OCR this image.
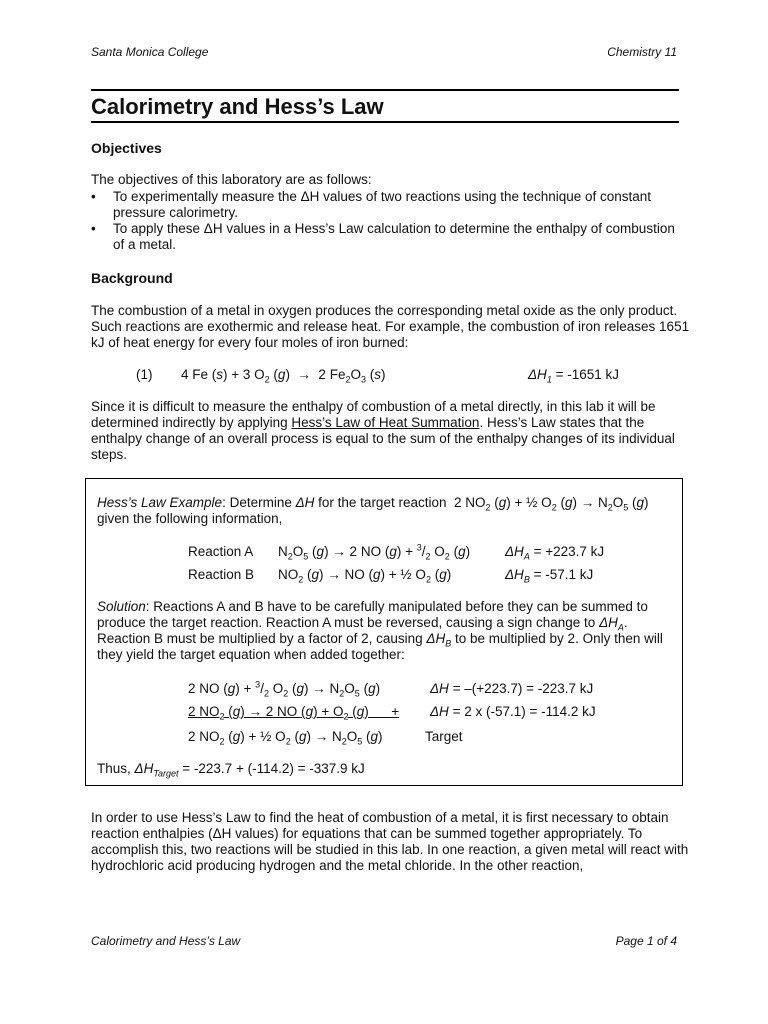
Santa Monica College	Chemistry 11
Calorimetry and Hess’s Law
Objectives

The objectives of this laboratory are as follows:

• To experimentally measure the ΔH values of two reactions using the technique of constant pressure calorimetry.
• To apply these ΔH values in a Hess’s Law calculation to determine the enthalpy of combustion of a metal.
Background

The combustion of a metal in oxygen produces the corresponding metal oxide as the only product. Such reactions are exothermic and release heat. For example, the combustion of iron releases 1651 kJ of heat energy for every four moles of iron burned:

(1) 4 Fe (s) + 3 $O_2$ (g)  →  2 $Fe_2O_3$ (s)	$\Delta H_1 = -1651$ kJ

Since it is difficult to measure the enthalpy of combustion of a metal directly, in this lab it will be determined indirectly by applying Hess’s Law of Heat Summation. Hess’s Law states that the enthalpy change of an overall process is equal to the sum of the enthalpy changes of its individual steps.

Hess’s Law Example: Determine ΔH for the target reaction  2 $NO_2$ (g) + ½ $O_2$ $(g) \to N_2O_5$ (g)
given the following information,
Reaction A $N_2O_5$ (g) → 2 NO $(g) + ^3/_2$ $O_2$ (g)	$\Delta H_A = +223.7$ kJ
Reaction B $NO_2$ (g) → NO (g) + ½ $O_2$ (g)	$\Delta H_B = -57.1$ kJ
Solution: Reactions A and B have to be carefully manipulated before they can be summed to produce the target reaction. Reaction A must be reversed, causing a sign change to $\Delta H_A$. Reaction B must be multiplied by a factor of 2, causing $\Delta H_B$ to be multiplied by 2. Only then will they yield the target equation when added together:
2 NO $(g) + ^3/_2$ $O_2$ $(g) \to N_2O_5$ (g)	ΔH = –(+223.7) = -223.7 kJ
2 $NO_2$ (g) → 2 NO $(g) + O_2$ (g)      + ΔH = 2 x (-57.1) = -114.2 kJ
2 $NO_2$ (g) + ½ $O_2$ $(g) \to N_2O_5$ (g)	Target
Thus, $\Delta H_{Target} = -223.7 + (-114.2) = -337.9$ kJ

In order to use Hess’s Law to find the heat of combustion of a metal, it is first necessary to obtain reaction enthalpies (ΔH values) for equations that can be summed together appropriately. To accomplish this, two reactions will be studied in this lab. In one reaction, a given metal will react with hydrochloric acid producing hydrogen and the metal chloride. In the other reaction,

Calorimetry and Hess’s Law	Page 1 of 4
